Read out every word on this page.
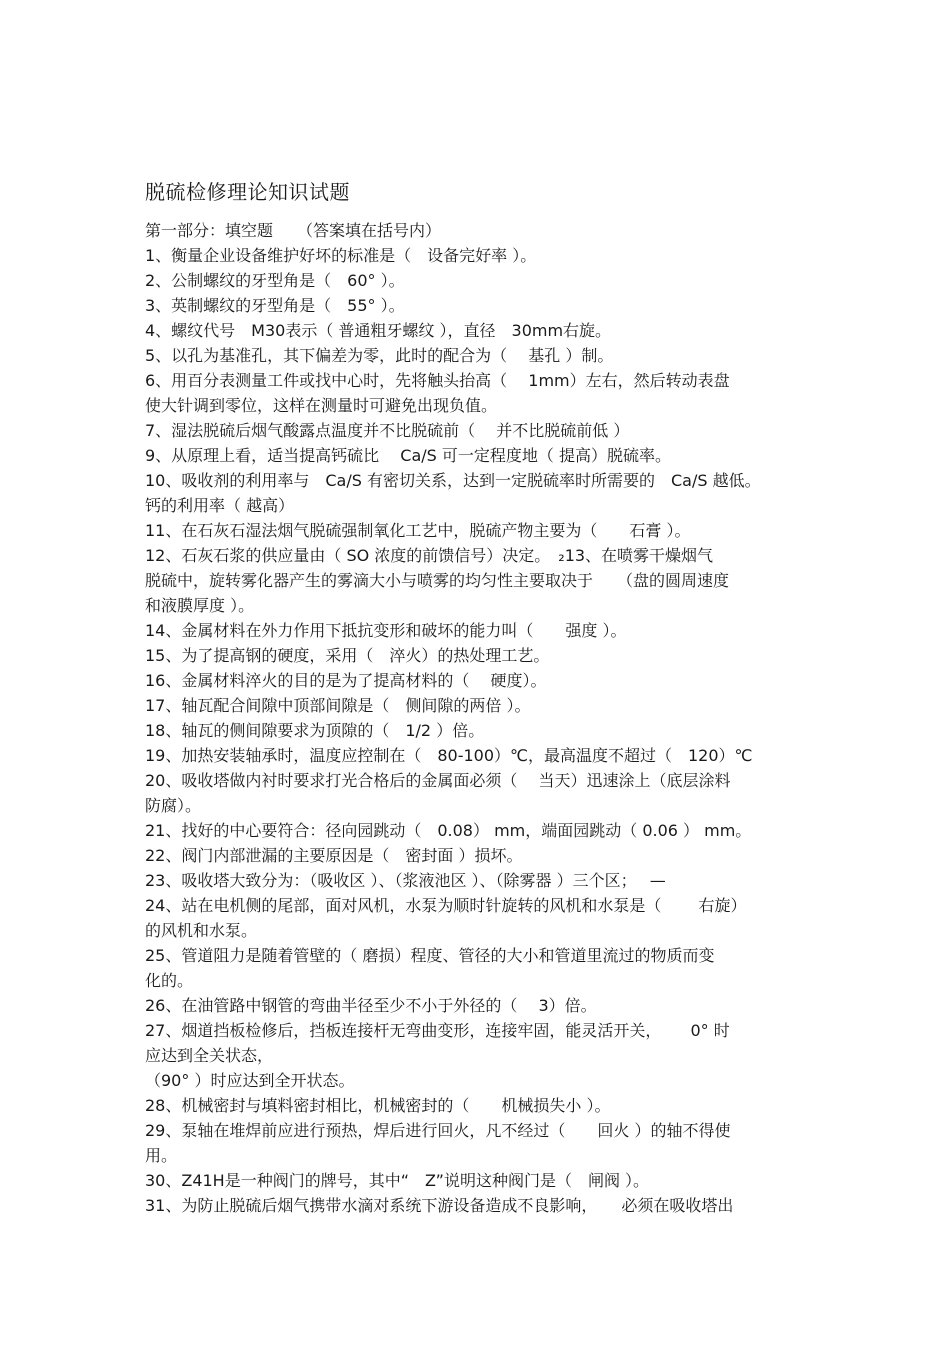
脱硫检修理论知识试题

第一部分：填空题　　（答案填在括号内）

1、衡量企业设备维护好坏的标准是（　设备完好率 ）。

2、公制螺纹的牙型角是（　60° ）。

3、英制螺纹的牙型角是（　55° ）。

4、螺纹代号　M30表示（ 普通粗牙螺纹 ），直径　30mm右旋。

5、以孔为基准孔，其下偏差为零，此时的配合为（　 基孔 ）制。

6、用百分表测量工件或找中心时，先将触头抬高（　 1mm）左右，然后转动表盘

使大针调到零位，这样在测量时可避免出现负值。

7、湿法脱硫后烟气酸露点温度并不比脱硫前（　 并不比脱硫前低 ）

9、从原理上看，适当提高钙硫比　 Ca/S 可一定程度地（ 提高）脱硫率。

10、吸收剂的利用率与　Ca/S 有密切关系，达到一定脱硫率时所需要的　Ca/S 越低。

钙的利用率（ 越高）

11、在石灰石湿法烟气脱硫强制氧化工艺中，脱硫产物主要为（　　石膏 ）。

12、石灰石浆的供应量由（ SO 浓度的前馈信号）决定。　₂13、在喷雾干燥烟气

脱硫中，旋转雾化器产生的雾滴大小与喷雾的均匀性主要取决于　　（盘的圆周速度

和液膜厚度 ）。

14、金属材料在外力作用下抵抗变形和破坏的能力叫（　　强度 ）。

15、为了提高钢的硬度，采用（　淬火）的热处理工艺。

16、金属材料淬火的目的是为了提高材料的（　 硬度）。

17、轴瓦配合间隙中顶部间隙是（　侧间隙的两倍 ）。

18、轴瓦的侧间隙要求为顶隙的（　1/2 ）倍。

19、加热安装轴承时，温度应控制在（　80-100）℃，最高温度不超过（　120）℃

20、吸收塔做内衬时要求打光合格后的金属面必须（　 当天）迅速涂上（底层涂料

防腐）。

21、找好的中心要符合：径向园跳动（　0.08） mm，端面园跳动（ 0.06 ） mm。

22、阀门内部泄漏的主要原因是（　密封面 ）损坏。

23、吸收塔大致分为：（吸收区 ）、（浆液池区 ）、（除雾器 ）三个区；　 —

24、站在电机侧的尾部，面对风机，水泵为顺时针旋转的风机和水泵是（　　 右旋）

的风机和水泵。

25、管道阻力是随着管壁的（ 磨损）程度、管径的大小和管道里流过的物质而变

化的。

26、在油管路中钢管的弯曲半径至少不小于外径的（　 3）倍。

27、烟道挡板检修后，挡板连接杆无弯曲变形，连接牢固，能灵活开关，　　 0° 时

应达到全关状态，

（90° ）时应达到全开状态。

28、机械密封与填料密封相比，机械密封的（　　机械损失小 ）。

29、泵轴在堆焊前应进行预热，焊后进行回火，凡不经过（　　回火 ）的轴不得使

用。

30、Z41H是一种阀门的牌号，其中“　Z”说明这种阀门是（　闸阀 ）。

31、为防止脱硫后烟气携带水滴对系统下游设备造成不良影响，　　必须在吸收塔出
